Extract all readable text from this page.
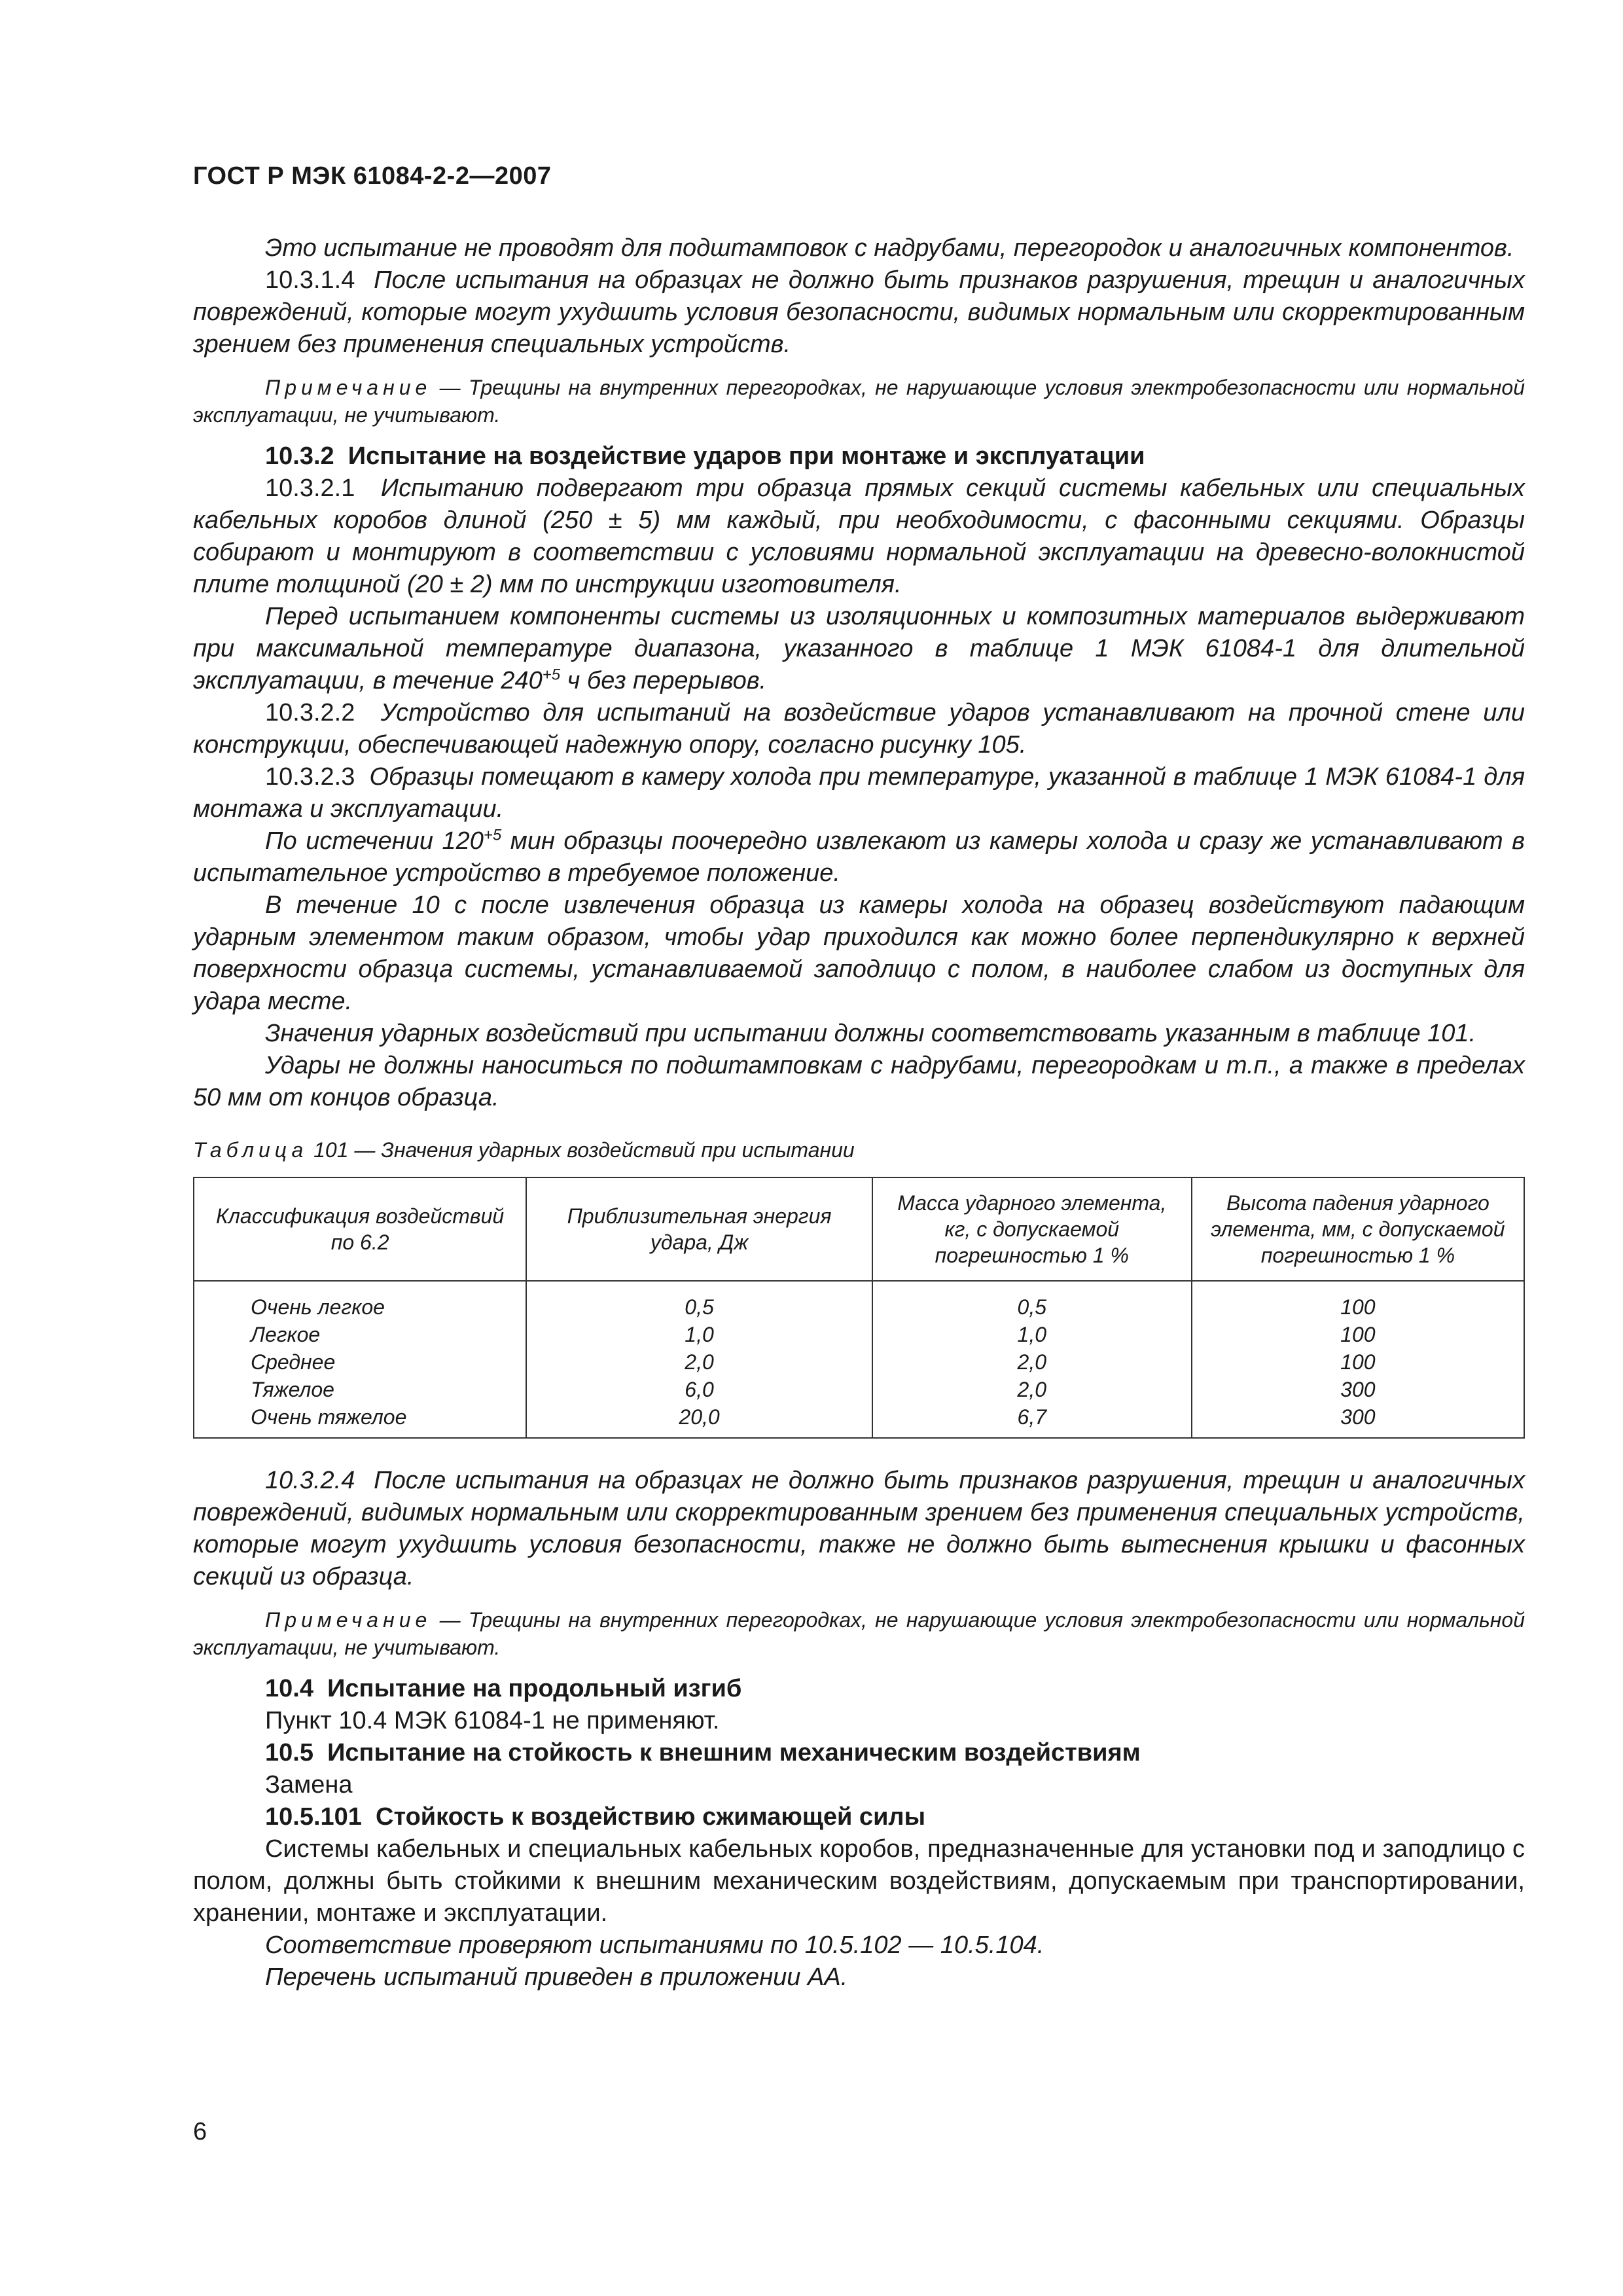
ГОСТ Р МЭК 61084-2-2—2007

Это испытание не проводят для подштамповок с надрубами, перегородок и аналогичных компонентов.

10.3.1.4 После испытания на образцах не должно быть признаков разрушения, трещин и аналогичных повреждений, которые могут ухудшить условия безопасности, видимых нормальным или скорректированным зрением без применения специальных устройств.

Примечание — Трещины на внутренних перегородках, не нарушающие условия электробезопасности или нормальной эксплуатации, не учитывают.

10.3.2 Испытание на воздействие ударов при монтаже и эксплуатации

10.3.2.1 Испытанию подвергают три образца прямых секций системы кабельных или специальных кабельных коробов длиной (250 ± 5) мм каждый, при необходимости, с фасонными секциями. Образцы собирают и монтируют в соответствии с условиями нормальной эксплуатации на древесно-волокнистой плите толщиной (20 ± 2) мм по инструкции изготовителя.

Перед испытанием компоненты системы из изоляционных и композитных материалов выдерживают при максимальной температуре диапазона, указанного в таблице 1 МЭК 61084-1 для длительной эксплуатации, в течение $240^{+5}$ ч без перерывов.

10.3.2.2 Устройство для испытаний на воздействие ударов устанавливают на прочной стене или конструкции, обеспечивающей надежную опору, согласно рисунку 105.

10.3.2.3 Образцы помещают в камеру холода при температуре, указанной в таблице 1 МЭК 61084-1 для монтажа и эксплуатации.

По истечении $120^{+5}$ мин образцы поочередно извлекают из камеры холода и сразу же устанавливают в испытательное устройство в требуемое положение.

В течение 10 с после извлечения образца из камеры холода на образец воздействуют падающим ударным элементом таким образом, чтобы удар приходился как можно более перпендикулярно к верхней поверхности образца системы, устанавливаемой заподлицо с полом, в наиболее слабом из доступных для удара месте.

Значения ударных воздействий при испытании должны соответствовать указанным в таблице 101.

Удары не должны наноситься по подштамповкам с надрубами, перегородкам и т.п., а также в пределах 50 мм от концов образца.

Таблица 101 — Значения ударных воздействий при испытании

Классификация воздействий по 6.2	Приблизительная энергия удара, Дж	Масса ударного элемента, кг, с допускаемой погрешностью 1 %	Высота падения ударного элемента, мм, с допускаемой погрешностью 1 %
Очень легкое	0,5	0,5	100
Легкое	1,0	1,0	100
Среднее	2,0	2,0	100
Тяжелое	6,0	2,0	300
Очень тяжелое	20,0	6,7	300

10.3.2.4 После испытания на образцах не должно быть признаков разрушения, трещин и аналогичных повреждений, видимых нормальным или скорректированным зрением без применения специальных устройств, которые могут ухудшить условия безопасности, также не должно быть вытеснения крышки и фасонных секций из образца.

Примечание — Трещины на внутренних перегородках, не нарушающие условия электробезопасности или нормальной эксплуатации, не учитывают.

10.4 Испытание на продольный изгиб

Пункт 10.4 МЭК 61084-1 не применяют.

10.5 Испытание на стойкость к внешним механическим воздействиям

Замена

10.5.101 Стойкость к воздействию сжимающей силы

Системы кабельных и специальных кабельных коробов, предназначенные для установки под и заподлицо с полом, должны быть стойкими к внешним механическим воздействиям, допускаемым при транспортировании, хранении, монтаже и эксплуатации.

Соответствие проверяют испытаниями по 10.5.102 — 10.5.104.

Перечень испытаний приведен в приложении АА.

6
